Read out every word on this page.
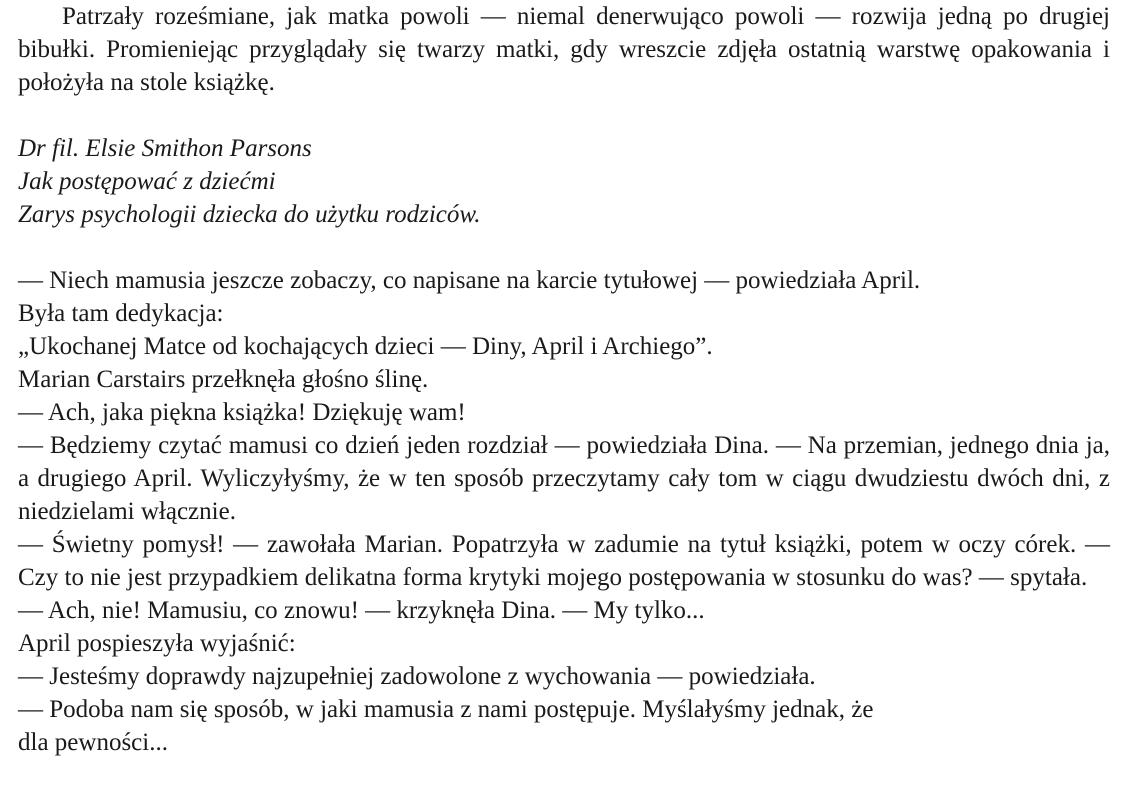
Patrzały roześmiane, jak matka powoli — niemal denerwująco powoli — rozwija jedną po drugiej bibułki. Promieniejąc przyglądały się twarzy matki, gdy wreszcie zdjęła ostatnią warstwę opakowania i położyła na stole książkę.

Dr fil. Elsie Smithon Parsons

Jak postępować z dziećmi

Zarys psychologii dziecka do użytku rodziców.

— Niech mamusia jeszcze zobaczy, co napisane na karcie tytułowej — powiedziała April.

Była tam dedykacja:

„Ukochanej Matce od kochających dzieci — Diny, April i Archiego”.

Marian Carstairs przełknęła głośno ślinę.

— Ach, jaka piękna książka! Dziękuję wam!

— Będziemy czytać mamusi co dzień jeden rozdział — powiedziała Dina. — Na przemian, jednego dnia ja, a drugiego April. Wyliczyłyśmy, że w ten sposób przeczytamy cały tom w ciągu dwudziestu dwóch dni, z niedzielami włącznie.

— Świetny pomysł! — zawołała Marian. Popatrzyła w zadumie na tytuł książki, potem w oczy córek. — Czy to nie jest przypadkiem delikatna forma krytyki mojego postępowania w stosunku do was? — spytała.

— Ach, nie! Mamusiu, co znowu! — krzyknęła Dina. — My tylko...

April pospieszyła wyjaśnić:

— Jesteśmy doprawdy najzupełniej zadowolone z wychowania — powiedziała.

— Podoba nam się sposób, w jaki mamusia z nami postępuje. Myślałyśmy jednak, że

dla pewności...
